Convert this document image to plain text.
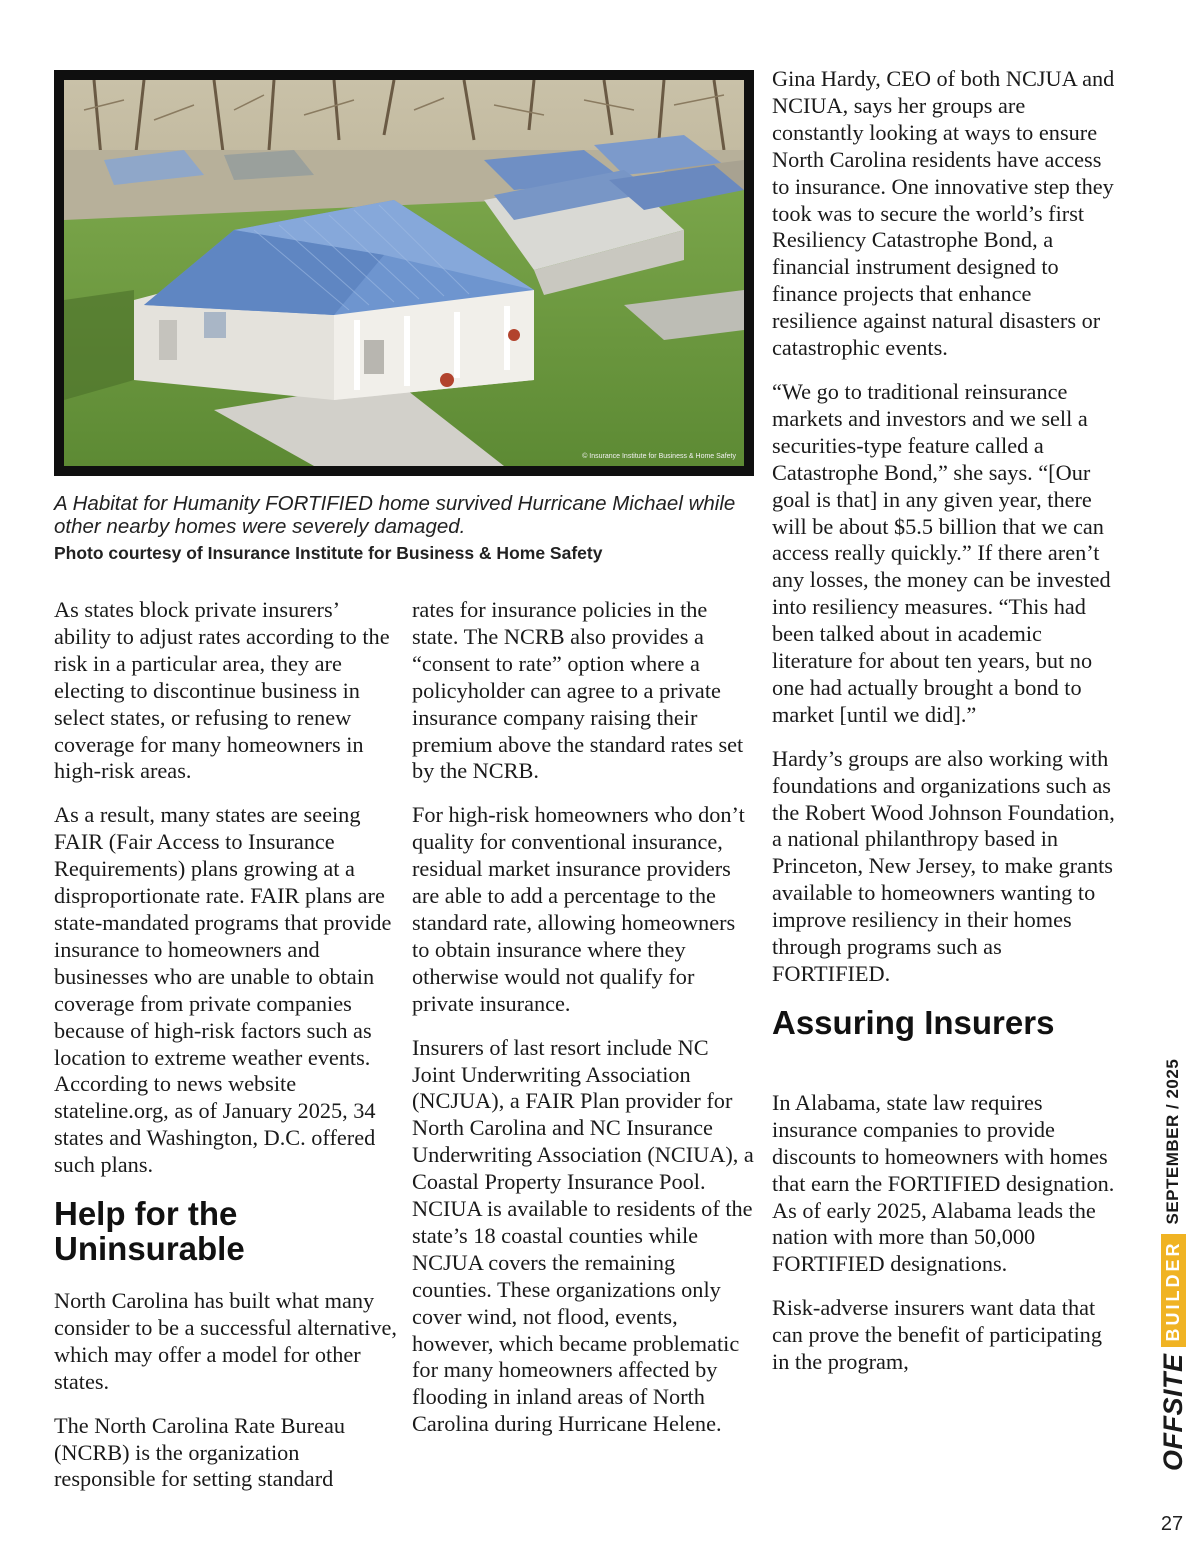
© Insurance Institute for Business & Home Safety

A Habitat for Humanity FORTIFIED home survived Hurricane Michael while other nearby homes were severely damaged.

Photo courtesy of Insurance Institute for Business & Home Safety

As states block private insurers’ ability to adjust rates according to the risk in a particular area, they are electing to discontinue business in select states, or refusing to renew coverage for many homeowners in high-risk areas.

As a result, many states are seeing FAIR (Fair Access to Insurance Requirements) plans growing at a disproportionate rate. FAIR plans are state-mandated programs that provide insurance to homeowners and businesses who are unable to obtain coverage from private companies because of high-risk factors such as location to extreme weather events. According to news website stateline.org, as of January 2025, 34 states and Washington, D.C. offered such plans.

Help for the Uninsurable

North Carolina has built what many consider to be a successful alternative, which may offer a model for other states.

The North Carolina Rate Bureau (NCRB) is the organization responsible for setting standard

rates for insurance policies in the state. The NCRB also provides a “consent to rate” option where a policyholder can agree to a private insurance company raising their premium above the standard rates set by the NCRB.

For high-risk homeowners who don’t quality for conventional insurance, residual market insurance providers are able to add a percentage to the standard rate, allowing homeowners to obtain insurance where they otherwise would not qualify for private insurance.

Insurers of last resort include NC Joint Underwriting Association (NCJUA), a FAIR Plan provider for North Carolina and NC Insurance Underwriting Association (NCIUA), a Coastal Property Insurance Pool. NCIUA is available to residents of the state’s 18 coastal counties while NCJUA covers the remaining counties. These organizations only cover wind, not flood, events, however, which became problematic for many homeowners affected by flooding in inland areas of North Carolina during Hurricane Helene.

Gina Hardy, CEO of both NCJUA and NCIUA, says her groups are constantly looking at ways to ensure North Carolina residents have access to insurance. One innovative step they took was to secure the world’s first Resiliency Catastrophe Bond, a financial instrument designed to finance projects that enhance resilience against natural disasters or catastrophic events.

“We go to traditional reinsurance markets and investors and we sell a securities-type feature called a Catastrophe Bond,” she says. “[Our goal is that] in any given year, there will be about $5.5 billion that we can access really quickly.” If there aren’t any losses, the money can be invested into resiliency measures. “This had been talked about in academic literature for about ten years, but no one had actually brought a bond to market [until we did].”

Hardy’s groups are also working with foundations and organizations such as the Robert Wood Johnson Foundation, a national philanthropy based in Princeton, New Jersey, to make grants available to homeowners wanting to improve resiliency in their homes through programs such as FORTIFIED.

Assuring Insurers

In Alabama, state law requires insurance companies to provide discounts to homeowners with homes that earn the FORTIFIED designation. As of early 2025, Alabama leads the nation with more than 50,000 FORTIFIED designations.

Risk-adverse insurers want data that can prove the benefit of participating in the program,	OFFSITE
BUILDER
SEPTEMBER / 2025
27
